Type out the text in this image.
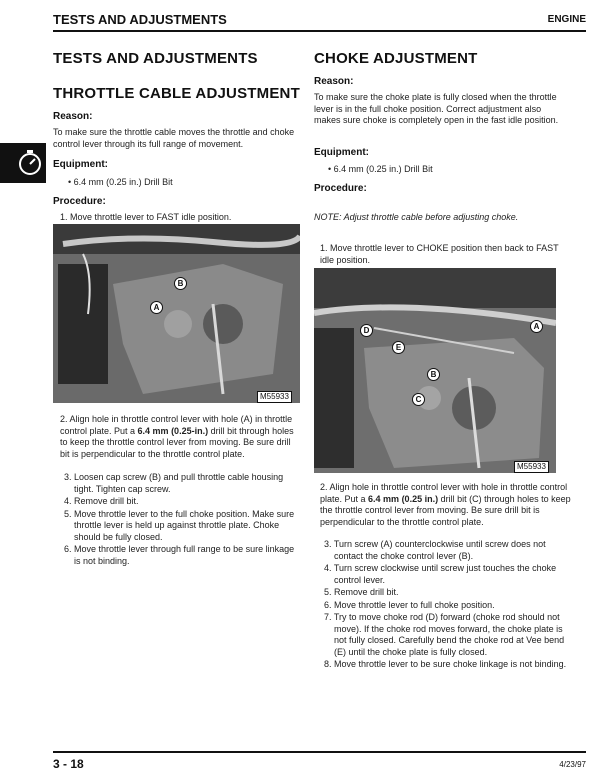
TESTS AND ADJUSTMENTS	ENGINE
TESTS AND ADJUSTMENTS
THROTTLE CABLE ADJUSTMENT
Reason:
To make sure the throttle cable moves the throttle and choke control lever through its full range of movement.
Equipment:
• 6.4 mm (0.25 in.) Drill Bit
Procedure:
1. Move throttle lever to FAST idle position.
B
A
M55933
2. Align hole in throttle control lever with hole (A) in throttle control plate. Put a 6.4 mm (0.25-in.) drill bit through holes to keep the throttle control lever from moving. Be sure drill bit is perpendicular to the throttle control plate.
3. Loosen cap screw (B) and pull throttle cable housing tight. Tighten cap screw.
4. Remove drill bit.
5. Move throttle lever to the full choke position. Make sure throttle lever is held up against throttle plate. Choke should be fully closed.
6. Move throttle lever through full range to be sure linkage is not binding.
CHOKE ADJUSTMENT
Reason:
To make sure the choke plate is fully closed when the throttle lever is in the full choke position. Correct adjustment also makes sure choke is completely open in the fast idle position.
Equipment:
• 6.4 mm (0.25 in.) Drill Bit
Procedure:
NOTE: Adjust throttle cable before adjusting choke.
1. Move throttle lever to CHOKE position then back to FAST idle position.
D
E
A
B
C
M55933
2. Align hole in throttle control lever with hole in throttle control plate. Put a 6.4 mm (0.25 in.) drill bit (C) through holes to keep the throttle control lever from moving. Be sure drill bit is perpendicular to the throttle control plate.
3. Turn screw (A) counterclockwise until screw does not contact the choke control lever (B).
4. Turn screw clockwise until screw just touches the choke control lever.
5. Remove drill bit.
6. Move throttle lever to full choke position.
7. Try to move choke rod (D) forward (choke rod should not move). If the choke rod moves forward, the choke plate is not fully closed. Carefully bend the choke rod at Vee bend (E) until the choke plate is fully closed.
8. Move throttle lever to be sure choke linkage is not binding.
3 - 18	4/23/97
